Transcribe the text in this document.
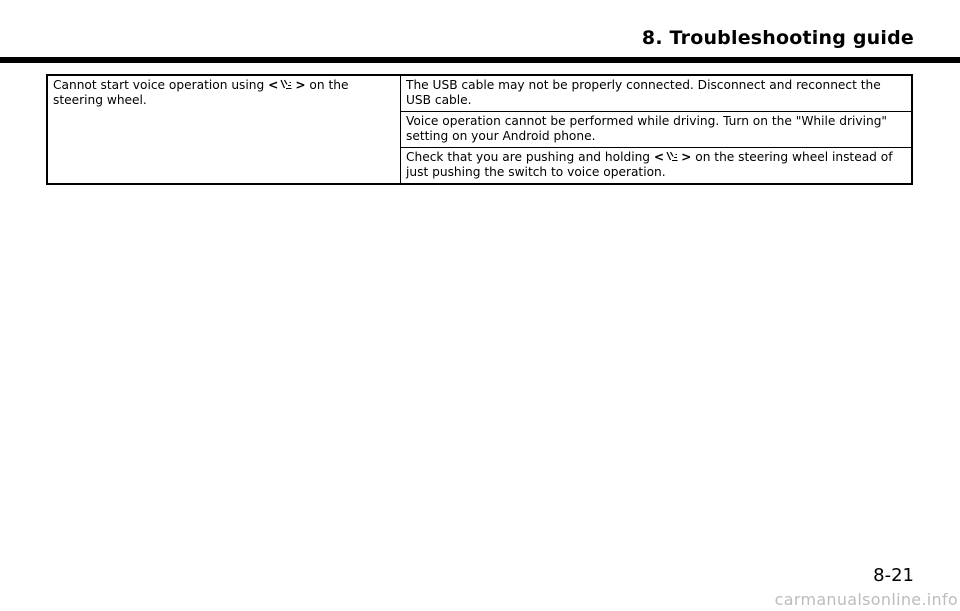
8. Troubleshooting guide
Cannot start voice operation using < > on the steering wheel.	The USB cable may not be properly connected. Disconnect and reconnect the USB cable.
Voice operation cannot be performed while driving. Turn on the "While driving" setting on your Android phone.
Check that you are pushing and holding < > on the steering wheel instead of just pushing the switch to voice operation.
8-21
carmanualsonline.info
